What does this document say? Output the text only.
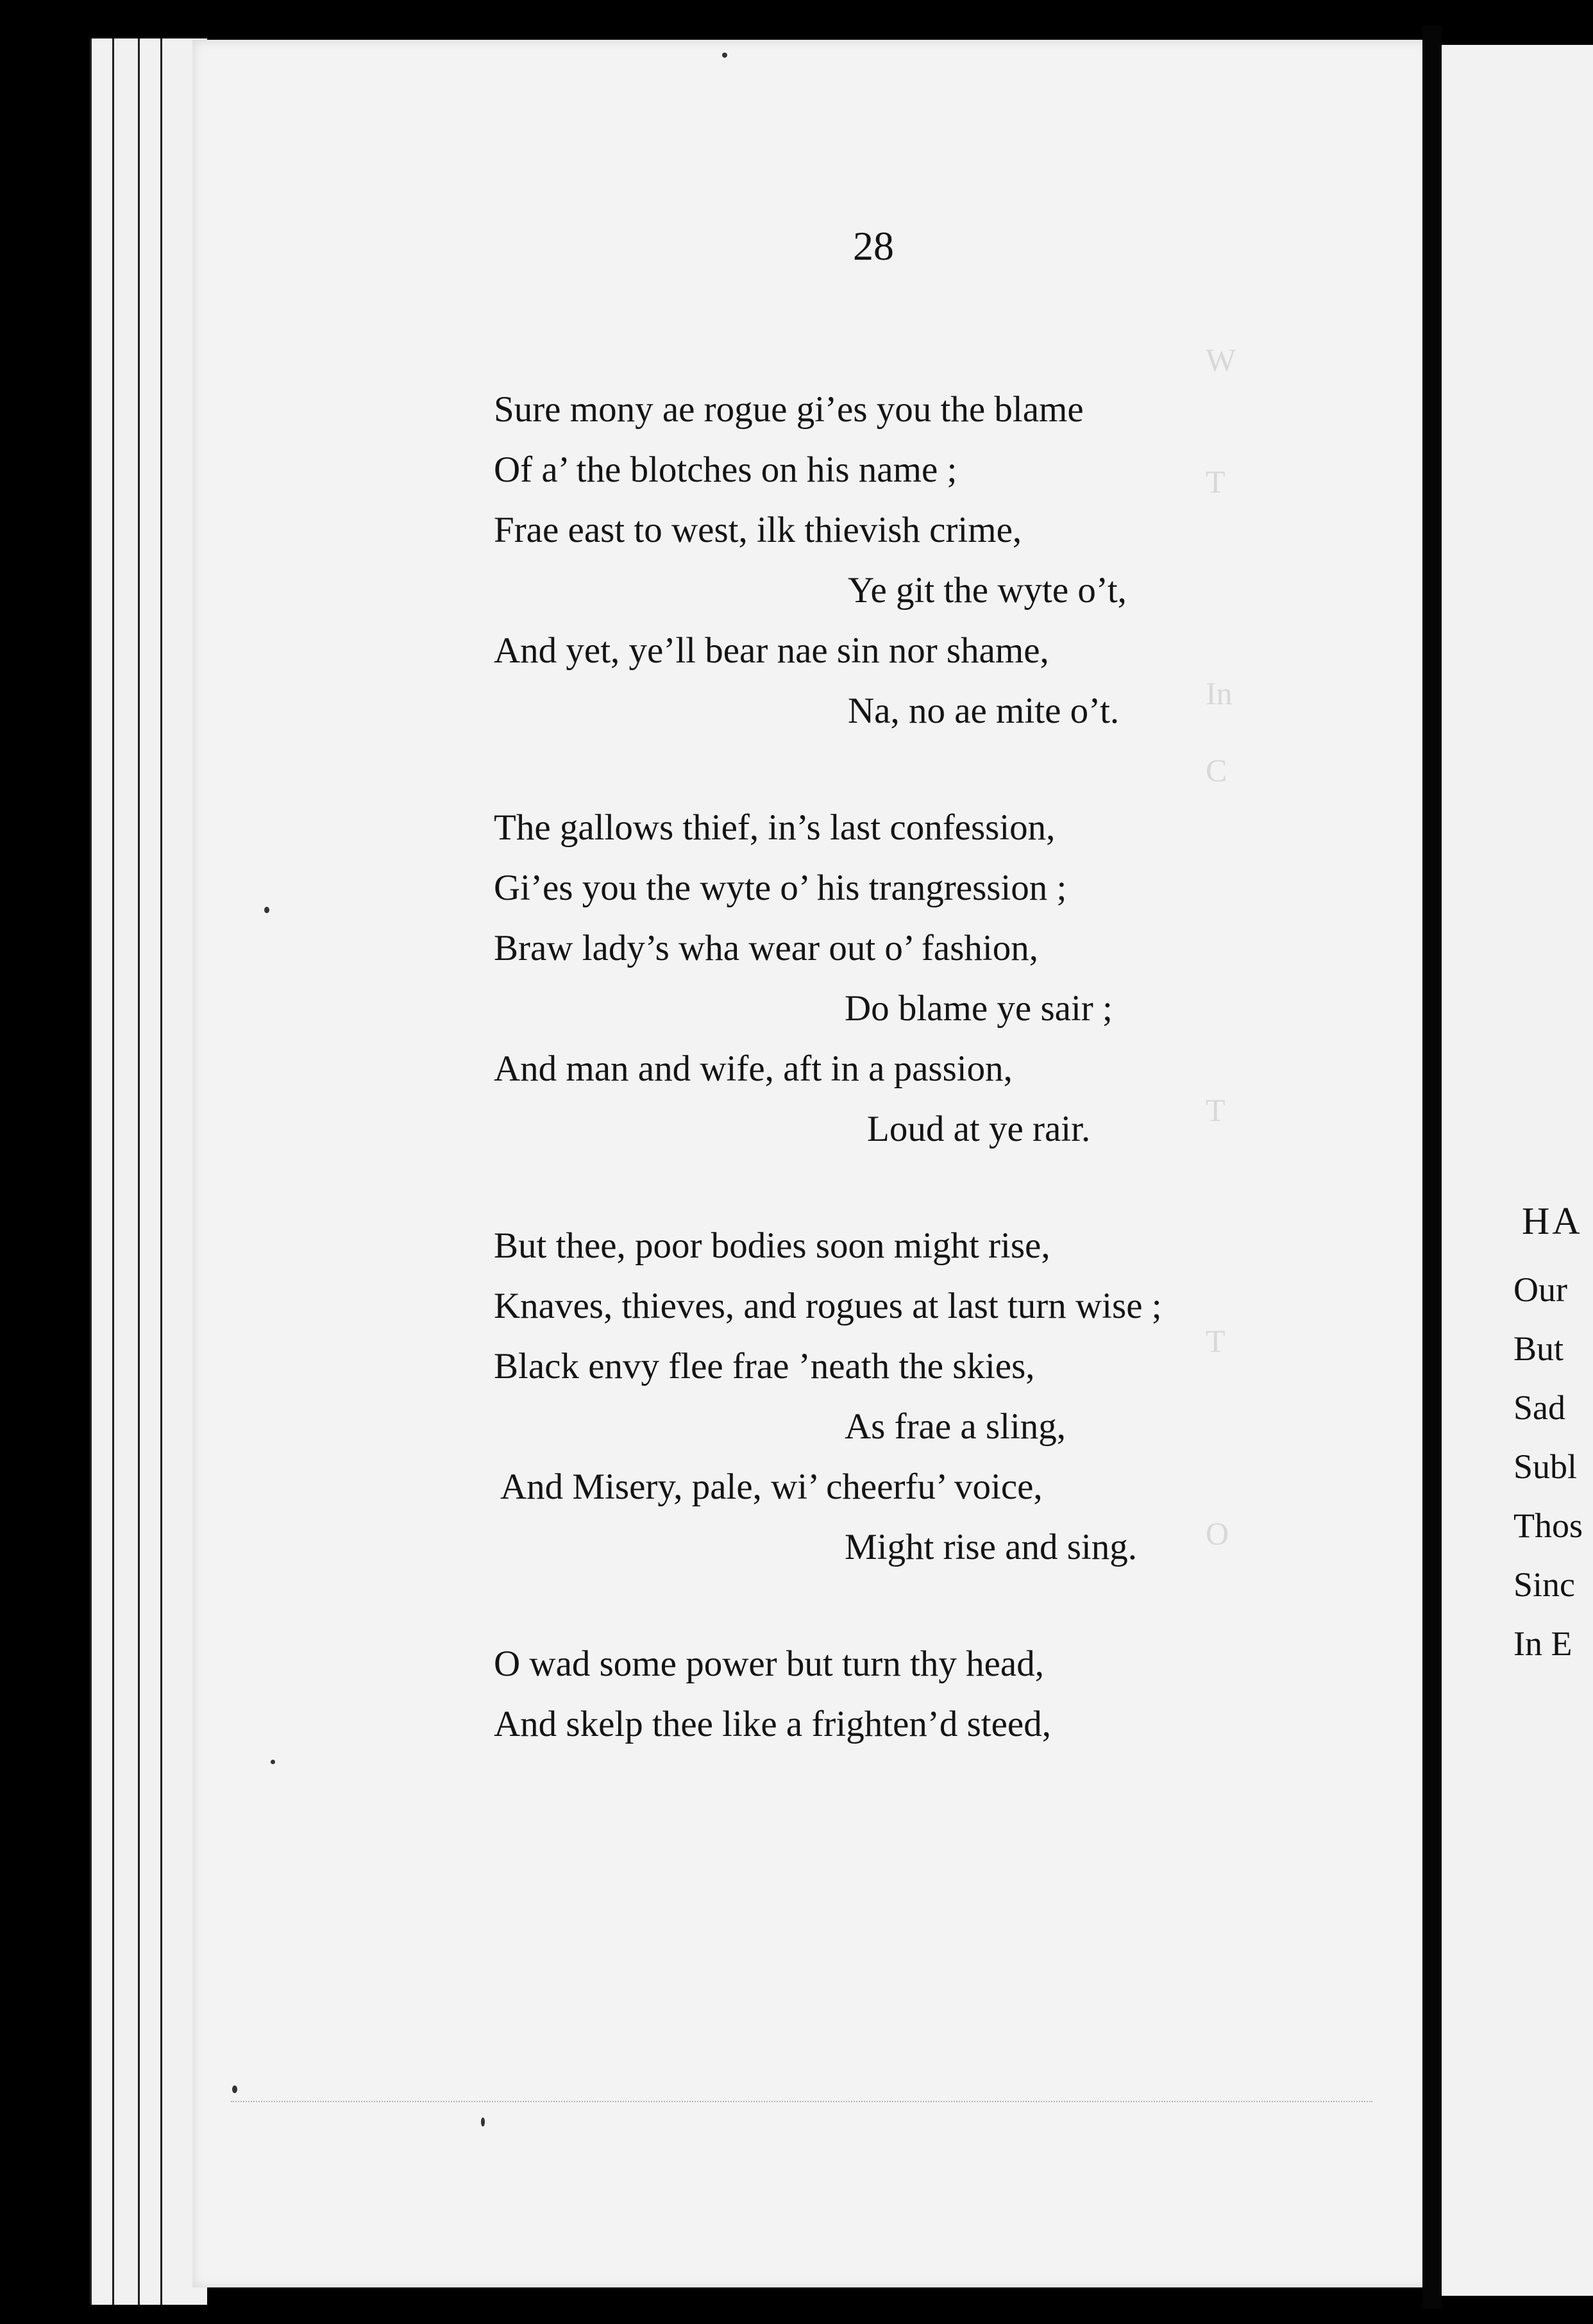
W
T
In
C
T
T
O
28
Sure mony ae rogue gi’es you the blame
Of a’ the blotches on his name ;
Frae east to west, ilk thievish crime,
Ye git the wyte o’t,
And yet, ye’ll bear nae sin nor shame,
Na, no ae mite o’t.
The gallows thief, in’s last confession,
Gi’es you the wyte o’ his trangression ;
Braw lady’s wha wear out o’ fashion,
Do blame ye sair ;
And man and wife, aft in a passion,
Loud at ye rair.
But thee, poor bodies soon might rise,
Knaves, thieves, and rogues at last turn wise ;
Black envy flee frae ’neath the skies,
As frae a sling,
And Misery, pale, wi’ cheerfu’ voice,
Might rise and sing.
O wad some power but turn thy head,
And skelp thee like a frighten’d steed,
HA
Our
But
Sad
Subl
Thos
Sinc
In E
